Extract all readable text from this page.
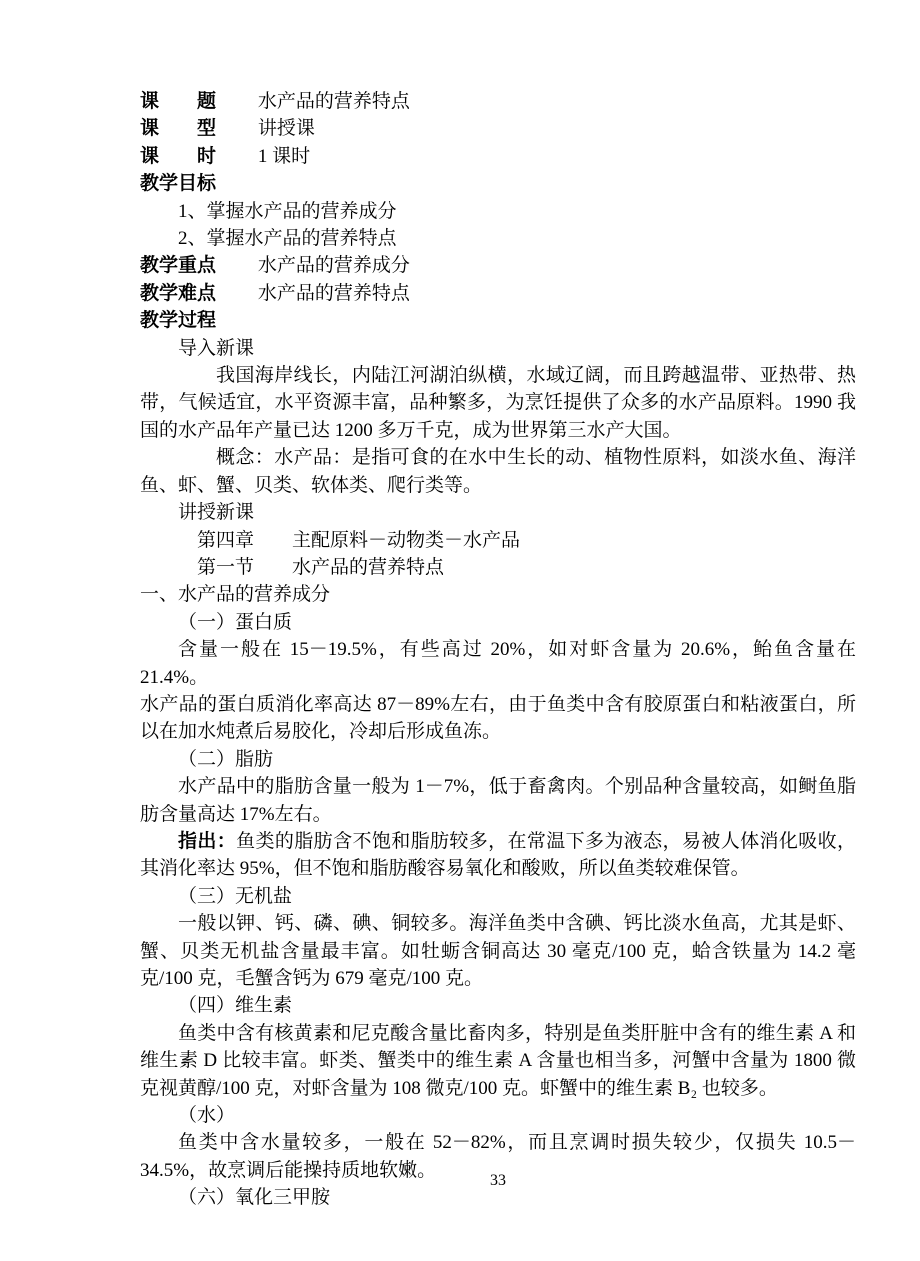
课        题 水产品的营养特点

课        型 讲授课

课        时 1 课时

教学目标

1、掌握水产品的营养成分

2、掌握水产品的营养特点

教学重点 水产品的营养成分

教学难点 水产品的营养特点

教学过程

导入新课

我国海岸线长，内陆江河湖泊纵横，水域辽阔，而且跨越温带、亚热带、热带，气候适宜，水平资源丰富，品种繁多，为烹饪提供了众多的水产品原料。1990 我国的水产品年产量已达 1200 多万千克，成为世界第三水产大国。

概念：水产品：是指可食的在水中生长的动、植物性原料，如淡水鱼、海洋鱼、虾、蟹、贝类、软体类、爬行类等。

讲授新课

第四章        主配原料－动物类－水产品

第一节        水产品的营养特点

一、水产品的营养成分

（一）蛋白质

含量一般在 15－19.5%，有些高过 20%，如对虾含量为 20.6%，鲐鱼含量在 21.4%。

水产品的蛋白质消化率高达 87－89%左右，由于鱼类中含有胶原蛋白和粘液蛋白，所以在加水炖煮后易胶化，冷却后形成鱼冻。

（二）脂肪

水产品中的脂肪含量一般为 1－7%，低于畜禽肉。个别品种含量较高，如鲥鱼脂肪含量高达 17%左右。

指出：鱼类的脂肪含不饱和脂肪较多，在常温下多为液态，易被人体消化吸收，其消化率达 95%，但不饱和脂肪酸容易氧化和酸败，所以鱼类较难保管。

（三）无机盐

一般以钾、钙、磷、碘、铜较多。海洋鱼类中含碘、钙比淡水鱼高，尤其是虾、蟹、贝类无机盐含量最丰富。如牡蛎含铜高达 30 毫克/100 克，蛤含铁量为 14.2 毫克/100 克，毛蟹含钙为 679 毫克/100 克。

（四）维生素

鱼类中含有核黄素和尼克酸含量比畜肉多，特别是鱼类肝脏中含有的维生素 A 和维生素 D 比较丰富。虾类、蟹类中的维生素 A 含量也相当多，河蟹中含量为 1800 微克视黄醇/100 克，对虾含量为 108 微克/100 克。虾蟹中的维生素 B₂ 也较多。

（水）

鱼类中含水量较多，一般在 52－82%，而且烹调时损失较少，仅损失 10.5－34.5%，故烹调后能操持质地软嫩。

（六）氧化三甲胺

33
